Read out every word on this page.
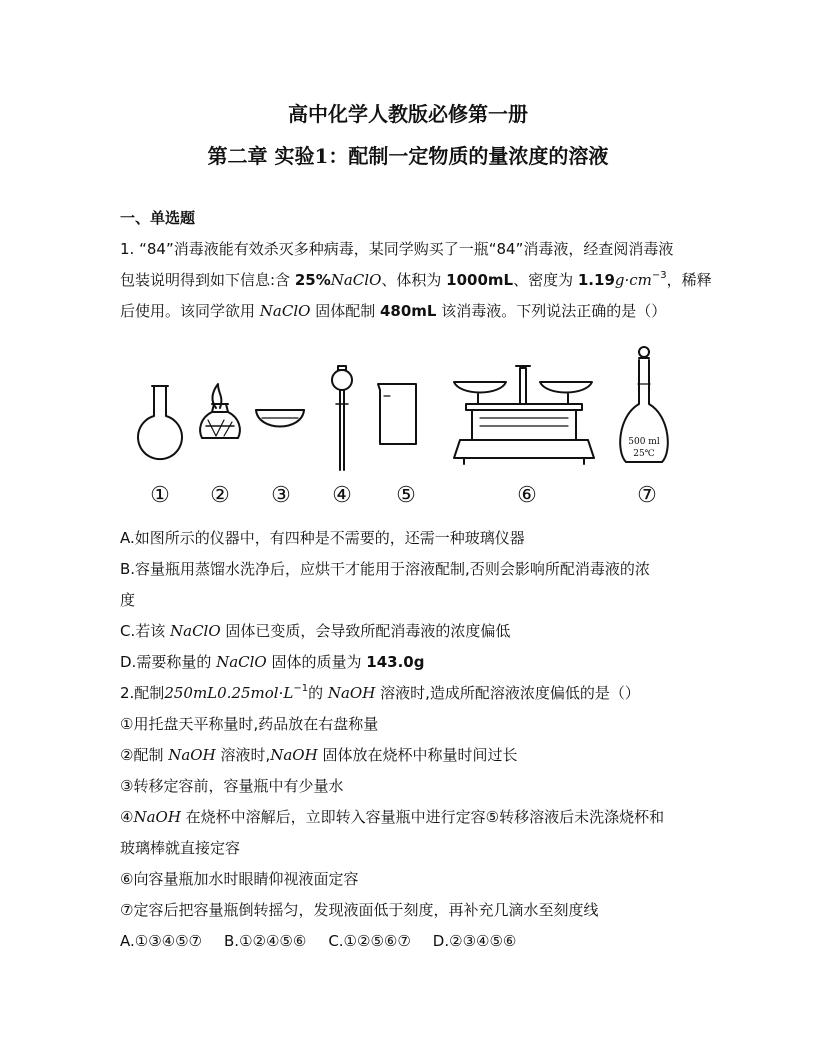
高中化学人教版必修第一册
第二章 实验1：配制一定物质的量浓度的溶液
一、单选题
1. “84”消毒液能有效杀灭多种病毒，某同学购买了一瓶“84”消毒液，经查阅消毒液
包装说明得到如下信息:含 25%NaClO、体积为 1000mL、密度为 $1.19g\cdot cm^{-3}$，稀释
后使用。该同学欲用 NaClO 固体配制 480mL 该消毒液。下列说法正确的是（）
500 ml
25℃
① ② ③ ④ ⑤	⑥	⑦
A.如图所示的仪器中，有四种是不需要的，还需一种玻璃仪器
B.容量瓶用蒸馏水洗净后，应烘干才能用于溶液配制,否则会影响所配消毒液的浓
度
C.若该 NaClO 固体已变质，会导致所配消毒液的浓度偏低
D.需要称量的 NaClO 固体的质量为 143.0g
2.配制$250mL0.25mol\cdot L^{-1}$的 NaOH 溶液时,造成所配溶液浓度偏低的是（）
①用托盘天平称量时,药品放在右盘称量
②配制 NaOH 溶液时,NaOH 固体放在烧杯中称量时间过长
③转移定容前，容量瓶中有少量水
④NaOH 在烧杯中溶解后，立即转入容量瓶中进行定容⑤转移溶液后未洗涤烧杯和
玻璃棒就直接定容
⑥向容量瓶加水时眼睛仰视液面定容
⑦定容后把容量瓶倒转摇匀，发现液面低于刻度，再补充几滴水至刻度线
A.①③④⑤⑦ B.①②④⑤⑥ C.①②⑤⑥⑦ D.②③④⑤⑥
